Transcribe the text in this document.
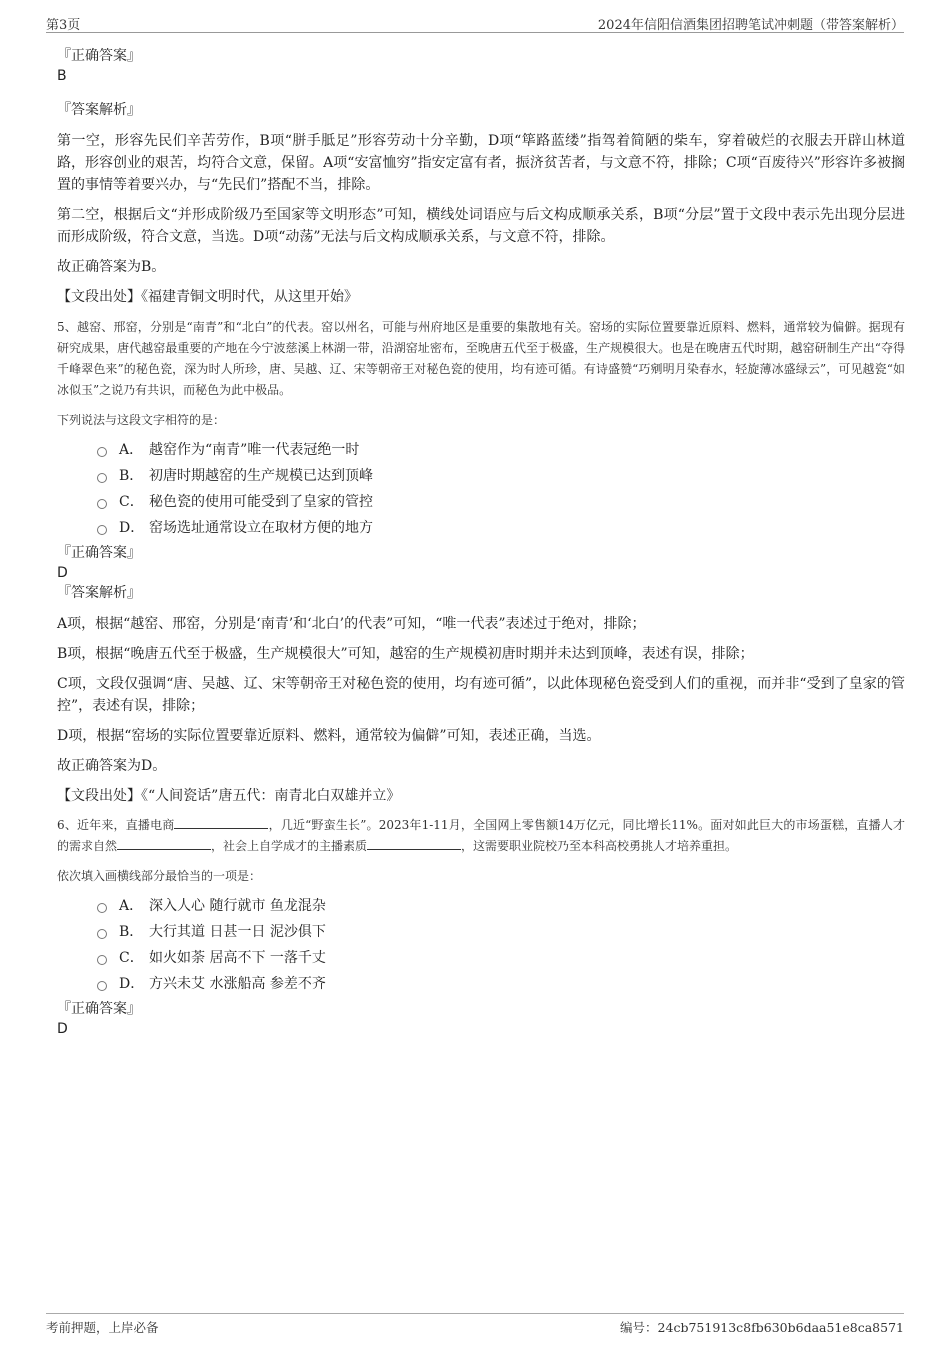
第3页	2024年信阳信酒集团招聘笔试冲刺题（带答案解析）

『正确答案』

B

『答案解析』

第一空，形容先民们辛苦劳作，B项“胼手胝足”形容劳动十分辛勤，D项“筚路蓝缕”指驾着简陋的柴车，穿着破烂的衣服去开辟山林道路，形容创业的艰苦，均符合文意，保留。A项“安富恤穷”指安定富有者，振济贫苦者，与文意不符，排除；C项“百废待兴”形容许多被搁置的事情等着要兴办，与“先民们”搭配不当，排除。

第二空，根据后文“并形成阶级乃至国家等文明形态”可知，横线处词语应与后文构成顺承关系，B项“分层”置于文段中表示先出现分层进而形成阶级，符合文意，当选。D项“动荡”无法与后文构成顺承关系，与文意不符，排除。

故正确答案为B。

【文段出处】《福建青铜文明时代，从这里开始》

5、越窑、邢窑，分别是“南青”和“北白”的代表。窑以州名，可能与州府地区是重要的集散地有关。窑场的实际位置要靠近原料、燃料，通常较为偏僻。据现有研究成果，唐代越窑最重要的产地在今宁波慈溪上林湖一带，沿湖窑址密布，至晚唐五代至于极盛，生产规模很大。也是在晚唐五代时期，越窑研制生产出“夺得千峰翠色来”的秘色瓷，深为时人所珍，唐、吴越、辽、宋等朝帝王对秘色瓷的使用，均有迹可循。有诗盛赞“巧剜明月染春水，轻旋薄冰盛绿云”，可见越瓷“如冰似玉”之说乃有共识，而秘色为此中极品。

下列说法与这段文字相符的是：

A． 越窑作为“南青”唯一代表冠绝一时
B． 初唐时期越窑的生产规模已达到顶峰
C． 秘色瓷的使用可能受到了皇家的管控
D． 窑场选址通常设立在取材方便的地方

『正确答案』

D

『答案解析』

A项，根据“越窑、邢窑，分别是‘南青’和‘北白’的代表”可知，“唯一代表”表述过于绝对，排除；

B项，根据“晚唐五代至于极盛，生产规模很大”可知，越窑的生产规模初唐时期并未达到顶峰，表述有误，排除；

C项，文段仅强调“唐、吴越、辽、宋等朝帝王对秘色瓷的使用，均有迹可循”，以此体现秘色瓷受到人们的重视，而并非“受到了皇家的管控”，表述有误，排除；

D项，根据“窑场的实际位置要靠近原料、燃料，通常较为偏僻”可知，表述正确，当选。

故正确答案为D。

【文段出处】《“人间瓷话”唐五代：南青北白双雄并立》

6、近年来，直播电商	，几近“野蛮生长”。2023年1-11月，全国网上零售额14万亿元，同比增长11%。面对如此巨大的市场蛋糕，直播人才的需求自然	，社会上自学成才的主播素质	，这需要职业院校乃至本科高校勇挑人才培养重担。

依次填入画横线部分最恰当的一项是：

A． 深入人心 随行就市 鱼龙混杂
B． 大行其道 日甚一日 泥沙俱下
C． 如火如荼 居高不下 一落千丈
D． 方兴未艾 水涨船高 参差不齐

『正确答案』

D

考前押题，上岸必备	编号：24cb751913c8fb630b6daa51e8ca8571
